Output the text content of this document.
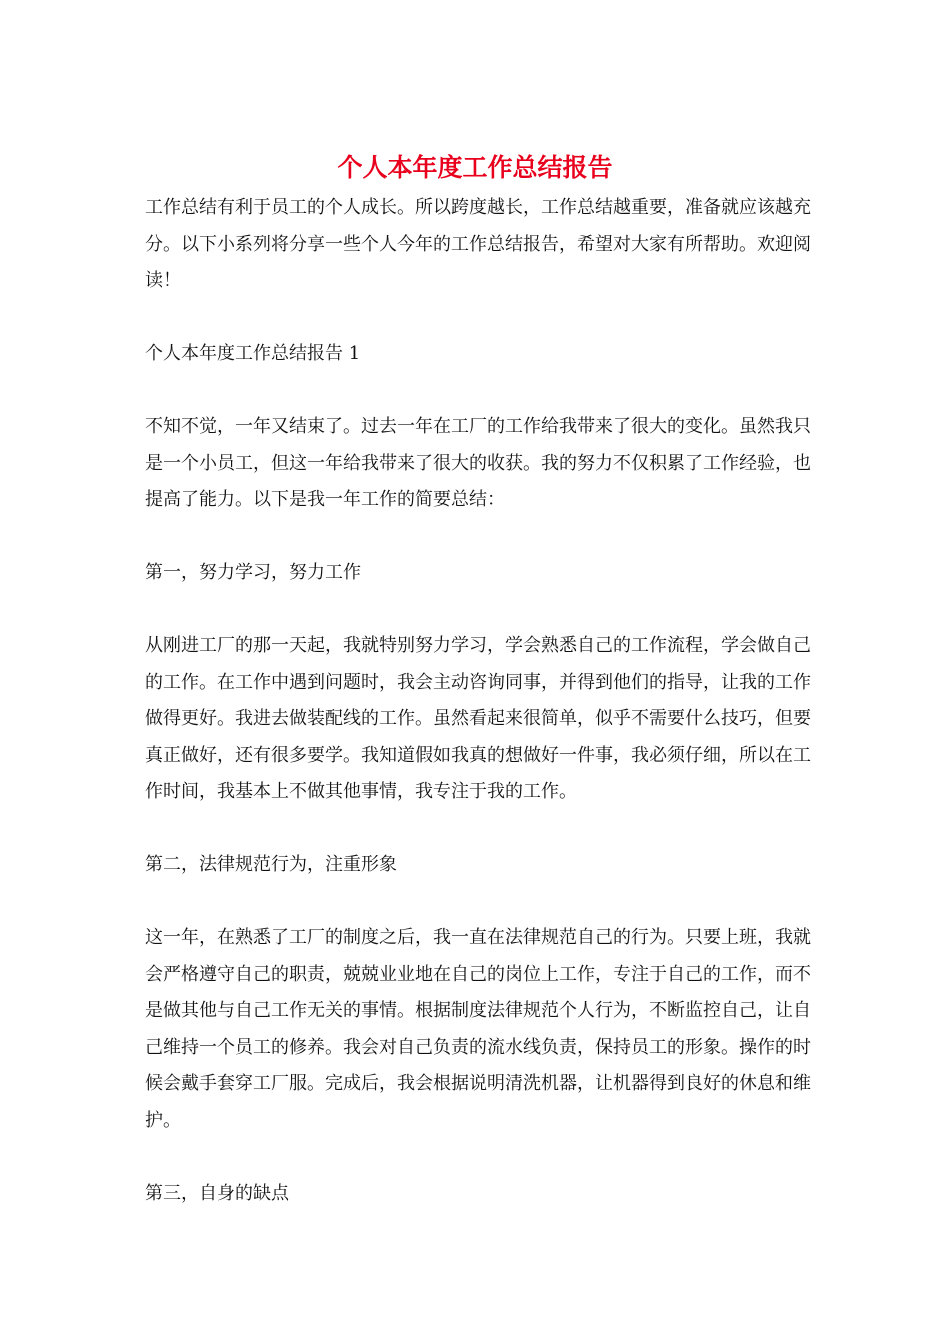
个人本年度工作总结报告

工作总结有利于员工的个人成长。所以跨度越长，工作总结越重要，准备就应该越充分。以下小系列将分享一些个人今年的工作总结报告，希望对大家有所帮助。欢迎阅读！

个人本年度工作总结报告 1

不知不觉，一年又结束了。过去一年在工厂的工作给我带来了很大的变化。虽然我只是一个小员工，但这一年给我带来了很大的收获。我的努力不仅积累了工作经验，也提高了能力。以下是我一年工作的简要总结：

第一，努力学习，努力工作

从刚进工厂的那一天起，我就特别努力学习，学会熟悉自己的工作流程，学会做自己的工作。在工作中遇到问题时，我会主动咨询同事，并得到他们的指导，让我的工作做得更好。我进去做装配线的工作。虽然看起来很简单，似乎不需要什么技巧，但要真正做好，还有很多要学。我知道假如我真的想做好一件事，我必须仔细，所以在工作时间，我基本上不做其他事情，我专注于我的工作。

第二，法律规范行为，注重形象

这一年，在熟悉了工厂的制度之后，我一直在法律规范自己的行为。只要上班，我就会严格遵守自己的职责，兢兢业业地在自己的岗位上工作，专注于自己的工作，而不是做其他与自己工作无关的事情。根据制度法律规范个人行为，不断监控自己，让自己维持一个员工的修养。我会对自己负责的流水线负责，保持员工的形象。操作的时候会戴手套穿工厂服。完成后，我会根据说明清洗机器，让机器得到良好的休息和维护。

第三，自身的缺点
